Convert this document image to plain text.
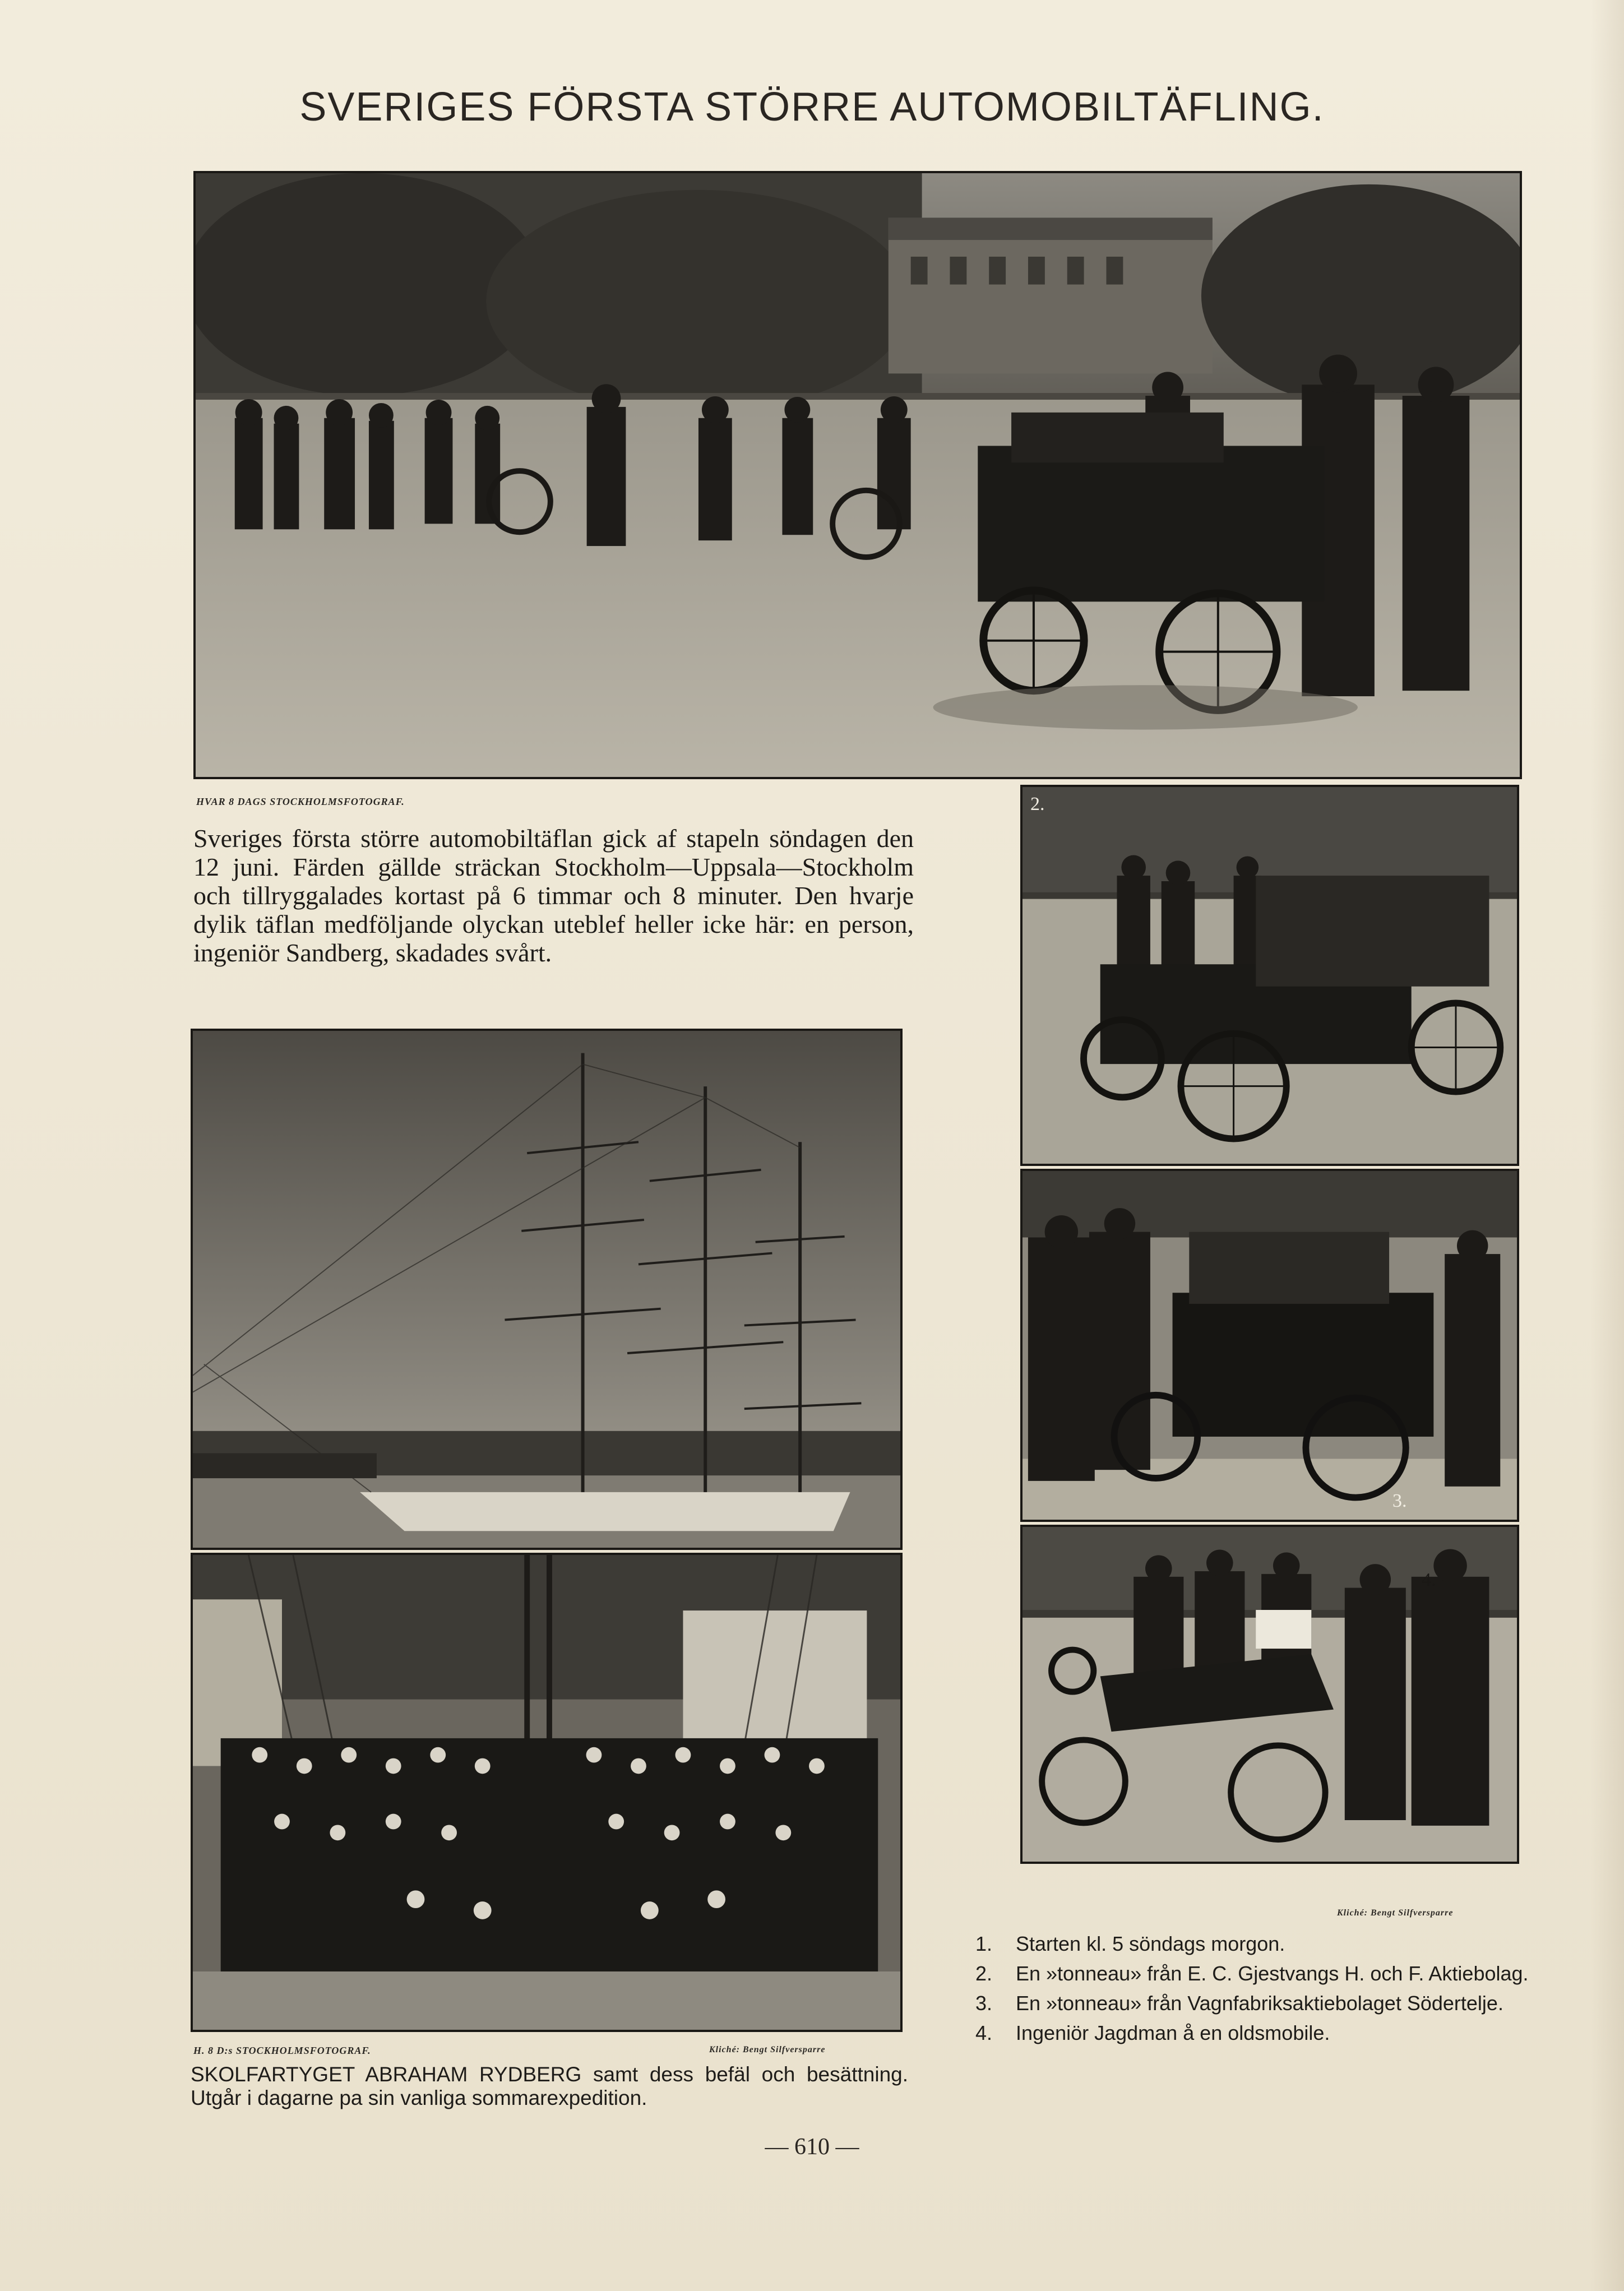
SVERIGES FÖRSTA STÖRRE AUTOMOBILTÄFLING.
HVAR 8 DAGS STOCKHOLMSFOTOGRAF.
Sveriges första större automobiltäflan gick af stapeln söndagen den 12 juni. Färden gällde sträckan Stockholm—Uppsala—Stockholm och tillryggalades kortast på 6 timmar och 8 minuter. Den hvarje dylik täflan medföljande olyckan uteblef heller icke här: en person, ingeniör Sandberg, skadades svårt.
H. 8 D:s STOCKHOLMSFOTOGRAF.	Kliché: Bengt Silfversparre
SKOLFARTYGET ABRAHAM RYDBERG samt dess befäl och besättning. Utgår i dagarne pa sin vanliga sommarexpedition.
2.
3.
4.
Kliché: Bengt Silfversparre
1.	Starten kl. 5 söndags morgon.
2.	En »tonneau» från E. C. Gjestvangs H. och F. Aktiebolag.
3.	En »tonneau» från Vagnfabriksaktiebolaget Södertelje.
4.	Ingeniör Jagdman å en oldsmobile.
— 610 —
